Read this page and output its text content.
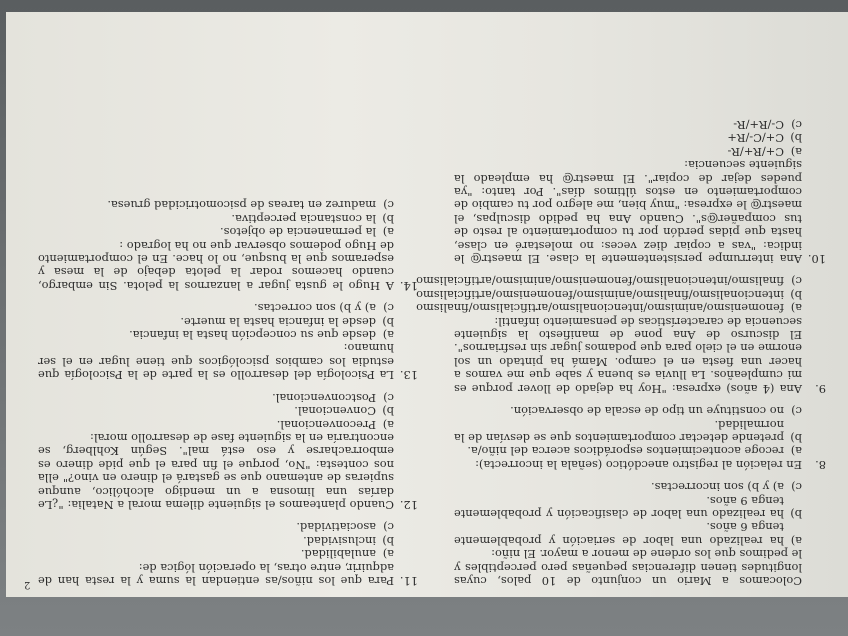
2	Colocamos a Mario un conjunto de 10 palos, cuyas longitudes tienen diferencias pequeñas pero perceptibles y le pedimos que los ordene de menor a mayor. El niño:
a)
ha realizado una labor de seriación y probablemente tenga 6 años.
b)
ha realizado una labor de clasificación y probablemente tenga 9 años.
c)
a) y b) son incorrectas.
8.
En relación al registro anecdótico (señala la incorrecta):
a)
recoge acontecimientos esporádicos acerca del niño/a.
b)
pretende detectar comportamientos que se desvían de la normalidad.
c)
no constituye un tipo de escala de observación.
9.
Ana (4 años) expresa: "Hoy ha dejado de llover porque es mi cumpleaños. La lluvia es buena y sabe que me vamos a hacer una fiesta en el campo. Mamá ha pintado un sol enorme en el cielo para que podamos jugar sin resfriarnos". El discurso de Ana pone de manifiesto la siguiente secuencia de características de pensamiento infantil:
a)
fenomenismo/animismo/intencionalismo/artificialismo/finalismo
b)
intencionalismo/finalismo/animismo/fenomenismo/artificialismo
c)
finalismo/intencionalismo/fenomenismo/animismo/artificialismo
10.
Ana interrumpe persistentemente la clase. El maestr@ le indica: "vas a copiar diez veces: no molestaré en clase, hasta que pidas perdón por tu comportamiento al resto de tus compañer@s". Cuando Ana ha pedido disculpas, el maestr@ le expresa: "muy bien, me alegro por tu cambio de comportamiento en estos últimos días". Por tanto: "ya puedes dejar de copiar". El maestr@ ha empleado la siguiente secuencia:
a)
C+/R+/R-
b)
C+/C-/R+
c)
C-/R+/R-
11.
Para que los niños/as entiendan la suma y la resta han de adquirir, entre otras, la operación lógica de:
a)
anulabilidad.
b)
inclusividad.
c)
asociatividad.
12.
Cuando planteamos el siguiente dilema moral a Natalia: "¿Le darías una limosna a un mendigo alcohólico, aunque supieras de antemano que se gastará el dinero en vino?" ella nos contesta: "No, porque el fin para el que pide dinero es emborracharse y eso está mal". Según Kohlberg, se encontraría en la siguiente fase de desarrollo moral:
a)
Preconvencional.
b)
Convencional.
c)
Postconvencional.
13.
La Psicología del desarrollo es la parte de la Psicología que estudia los cambios psicológicos que tiene lugar en el ser humano:
a)
desde que su concepción hasta la infancia.
b)
desde la infancia hasta la muerte.
c)
a) y b) son correctas.
14.
A Hugo le gusta jugar a lanzarnos la pelota. Sin embargo, cuando hacemos rodar la pelota debajo de la mesa y esperamos que la busque, no lo hace. En el comportamiento de Hugo podemos observar que no ha logrado :
a)
la permanencia de objetos.
b)
la constancia perceptiva.
c)
madurez en tareas de psicomotricidad gruesa.
